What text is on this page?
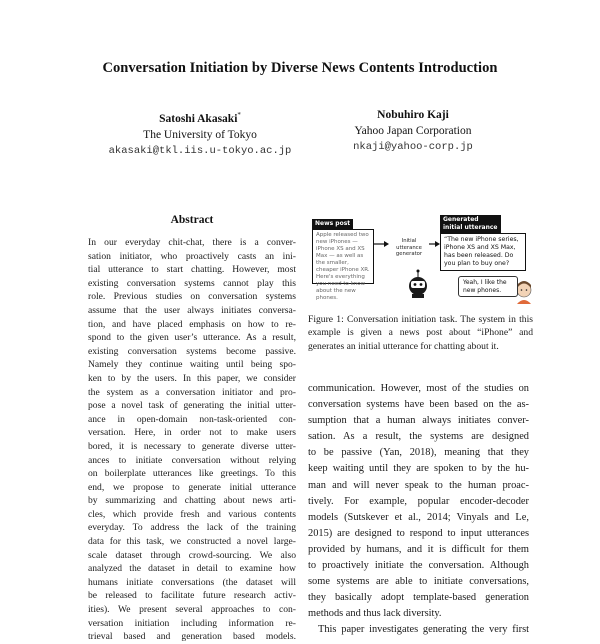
Conversation Initiation by Diverse News Contents Introduction
Satoshi Akasaki*
The University of Tokyo
akasaki@tkl.iis.u-tokyo.ac.jp
Nobuhiro Kaji
Yahoo Japan Corporation
nkaji@yahoo-corp.jp
Abstract
In our everyday chit-chat, there is a conver-
sation initiator, who proactively casts an ini-
tial utterance to start chatting. However, most
existing conversation systems cannot play this
role. Previous studies on conversation systems
assume that the user always initiates conversa-
tion, and have placed emphasis on how to re-
spond to the given user’s utterance. As a result,
existing conversation systems become passive.
Namely they continue waiting until being spo-
ken to by the users. In this paper, we consider
the system as a conversation initiator and pro-
pose a novel task of generating the initial utter-
ance in open-domain non-task-oriented con-
versation. Here, in order not to make users
bored, it is necessary to generate diverse utter-
ances to initiate conversation without relying
on boilerplate utterances like greetings. To this
end, we propose to generate initial utterance
by summarizing and chatting about news arti-
cles, which provide fresh and various contents
everyday. To address the lack of the training
data for this task, we constructed a novel large-
scale dataset through crowd-sourcing. We also
analyzed the dataset in detail to examine how
humans initiate conversations (the dataset will
be released to facilitate future research activ-
ities). We present several approaches to con-
versation initiation including information re-
trieval based and generation based models.
News post
Apple released two new iPhones — iPhone XS and XS Max — as well as the smaller, cheaper iPhone XR. Here's everything you need to know about the new phones.
Initial utterance generator
Generated
initial utterance
“The new iPhone series, iPhone XS and XS Max, has been released. Do you plan to buy one?
Yeah, I like the new phones.
Figure 1: Conversation initiation task. The system in this example is given a news post about “iPhone” and generates an initial utterance for chatting about it.
communication. However, most of the studies on
conversation systems have been based on the as-
sumption that a human always initiates conver-
sation. As a result, the systems are designed
to be passive (Yan, 2018), meaning that they
keep waiting until they are spoken to by the hu-
man and will never speak to the human proac-
tively. For example, popular encoder-decoder
models (Sutskever et al., 2014; Vinyals and Le,
2015) are designed to respond to input utterances
provided by humans, and it is difficult for them
to proactively initiate the conversation. Although
some systems are able to initiate conversations,
they basically adopt template-based generation
methods and thus lack diversity.
This paper investigates generating the very first
